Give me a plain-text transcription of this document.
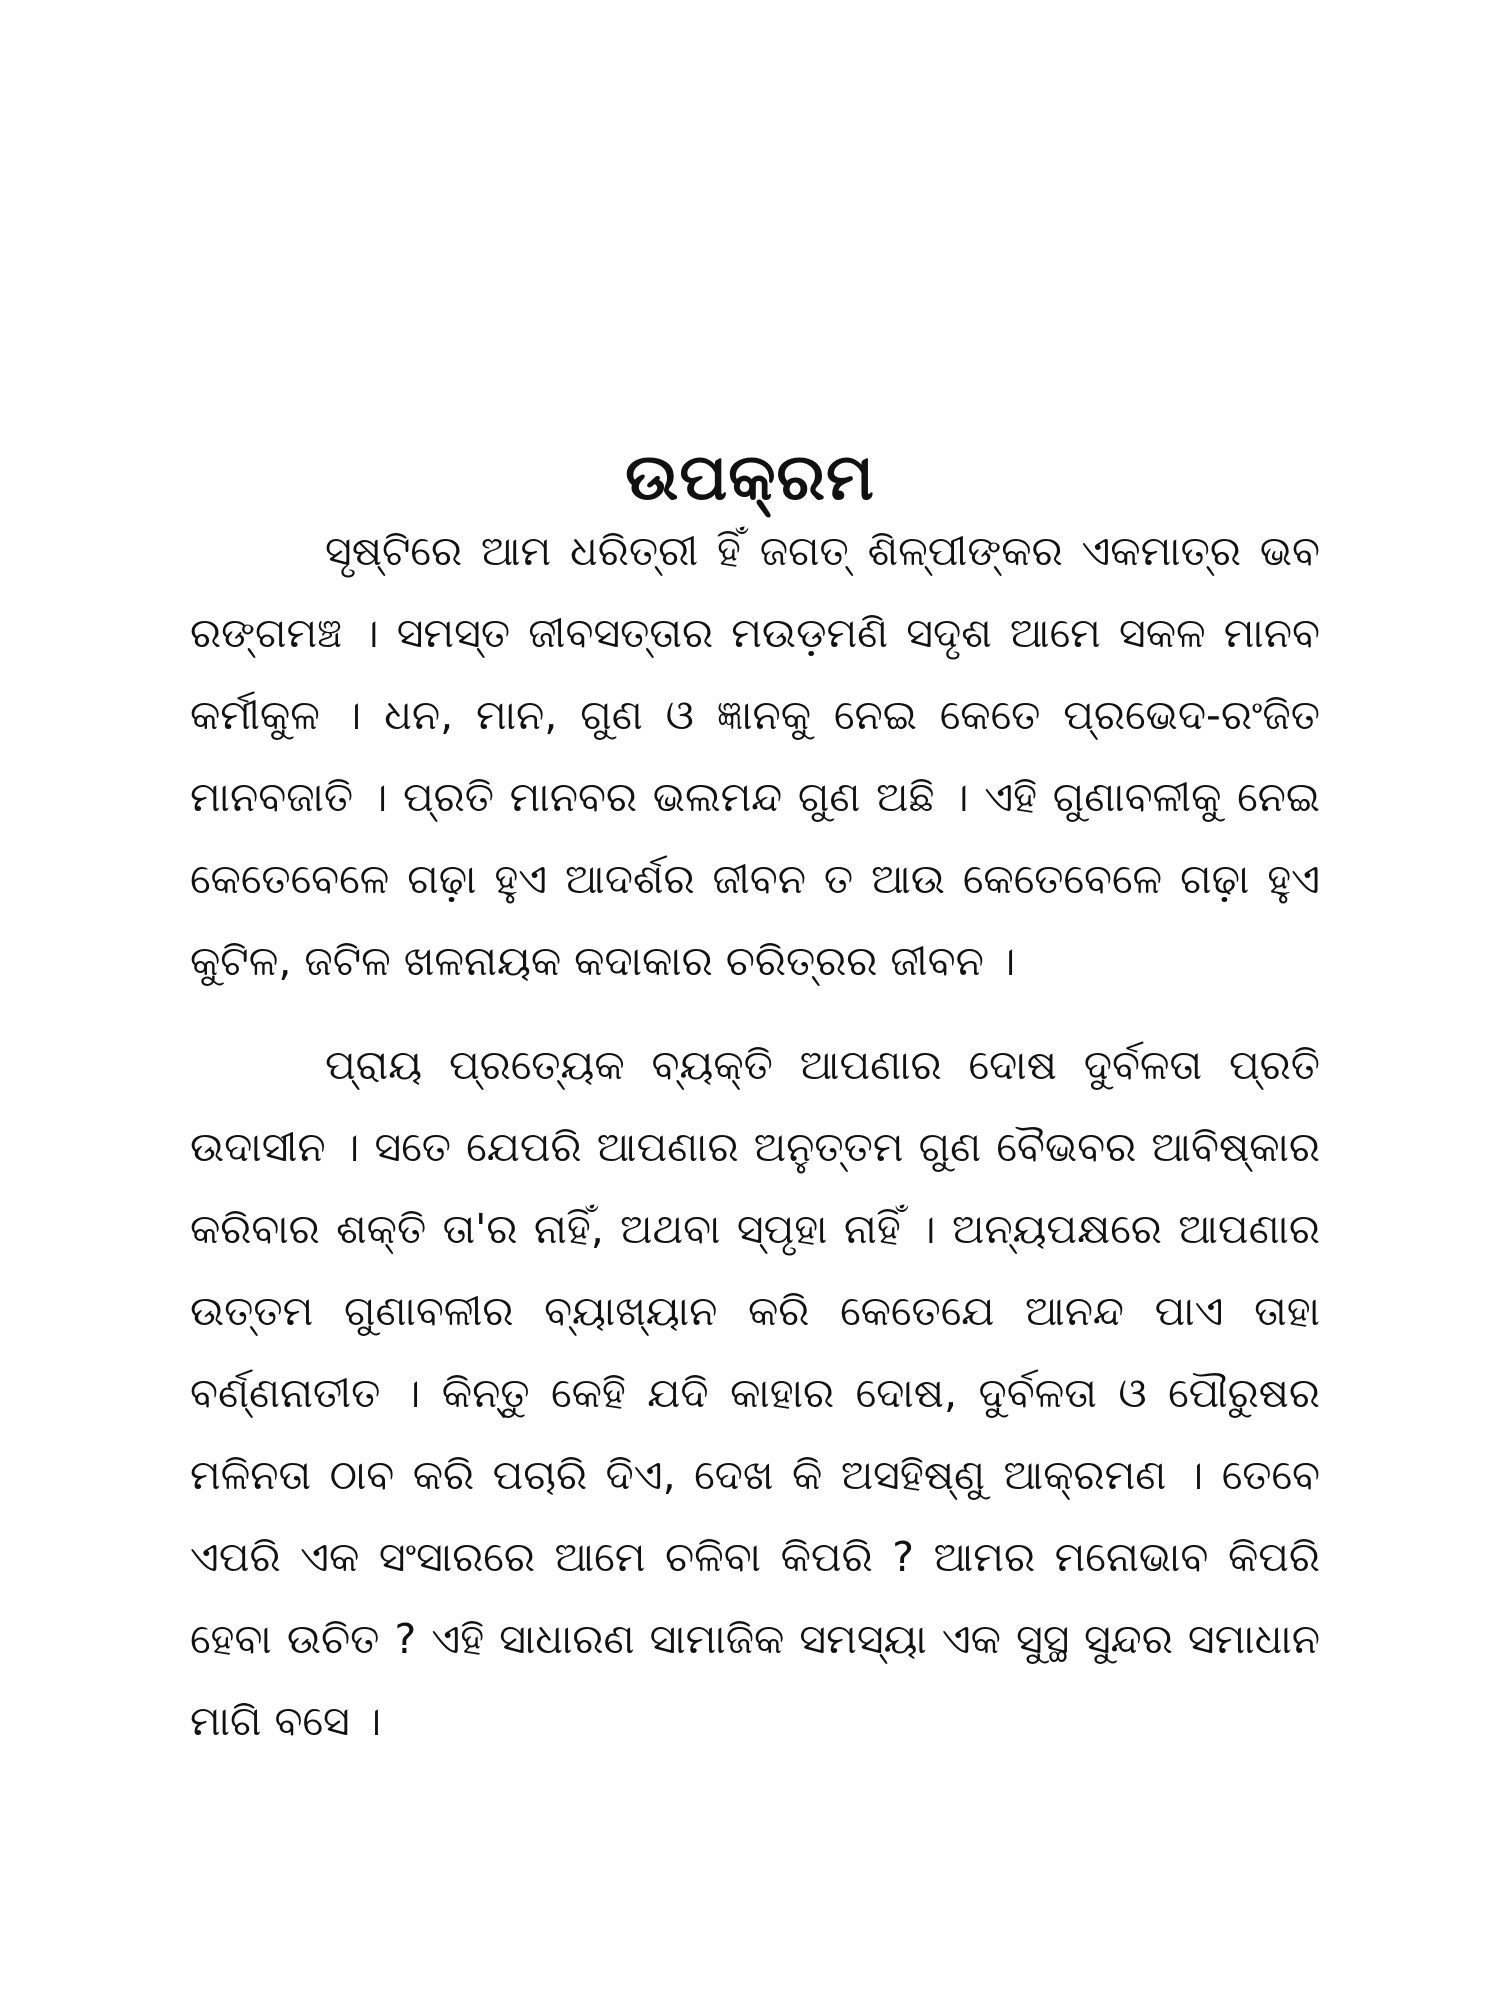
ଉପକ୍ରମ

ସୃଷ୍ଟିରେ ଆମ ଧରିତ୍ରୀ ହିଁ ଜଗତ୍ ଶିଳ୍ପୀଙ୍କର ଏକମାତ୍ର ଭବ ରଙ୍ଗମଞ୍ଚ । ସମସ୍ତ ଜୀବସତ୍ତାର ମଉଡ଼ମଣି ସଦୃଶ ଆମେ ସକଳ ମାନବ କର୍ମୀକୁଳ । ଧନ, ମାନ, ଗୁଣ ଓ ଜ୍ଞାନକୁ ନେଇ କେତେ ପ୍ରଭେଦ-ରଂଜିତ ମାନବଜାତି । ପ୍ରତି ମାନବର ଭଲମନ୍ଦ ଗୁଣ ଅଛି । ଏହି ଗୁଣାବଳୀକୁ ନେଇ କେତେବେଳେ ଗଢ଼ା ହୁଏ ଆଦର୍ଶର ଜୀବନ ତ ଆଉ କେତେବେଳେ ଗଢ଼ା ହୁଏ କୁଟିଳ, ଜଟିଳ ଖଳନାୟକ କଦାକାର ଚରିତ୍ରର ଜୀବନ ।

ପ୍ରାୟ ପ୍ରତ୍ୟେକ ବ୍ୟକ୍ତି ଆପଣାର ଦୋଷ ଦୁର୍ବଳତା ପ୍ରତି ଉଦାସୀନ । ସତେ ଯେପରି ଆପଣାର ଅନୁତ୍ତମ ଗୁଣ ବୈଭବର ଆବିଷ୍କାର କରିବାର ଶକ୍ତି ତା'ର ନାହିଁ, ଅଥବା ସ୍ପୃହା ନାହିଁ । ଅନ୍ୟପକ୍ଷରେ ଆପଣାର ଉତ୍ତମ ଗୁଣାବଳୀର ବ୍ୟାଖ୍ୟାନ କରି କେତେଯେ ଆନନ୍ଦ ପାଏ ତାହା ବର୍ଣ୍ଣନାତୀତ । କିନ୍ତୁ କେହି ଯଦି କାହାର ଦୋଷ, ଦୁର୍ବଳତା ଓ ପୌରୁଷର ମଳିନତା ଠାବ କରି ପଚାରି ଦିଏ, ଦେଖ କି ଅସହିଷ୍ଣୁ ଆକ୍ରମଣ । ତେବେ ଏପରି ଏକ ସଂସାରରେ ଆମେ ଚଳିବା କିପରି ? ଆମର ମନୋଭାବ କିପରି ହେବା ଉଚିତ ? ଏହି ସାଧାରଣ ସାମାଜିକ ସମସ୍ୟା ଏକ ସୁସ୍ଥ ସୁନ୍ଦର ସମାଧାନ ମାଗି ବସେ ।
